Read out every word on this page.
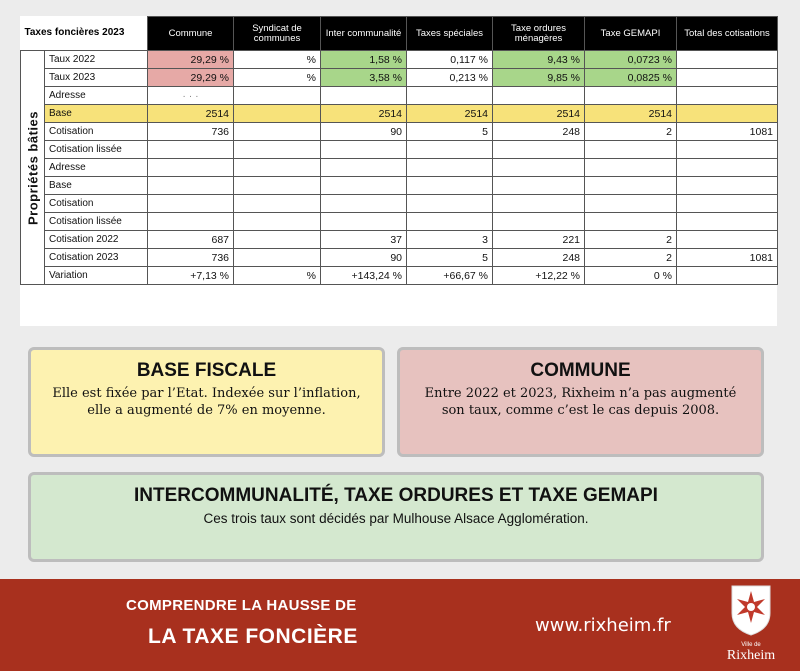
Taxes foncières 2023		Commune	Syndicat de communes	Inter communalité	Taxes spéciales	Taxe ordures ménagères	Taxe GEMAPI	Total des cotisations	

Propriétés bâties	Taux 2022	29,29 %	%	1,58 %	0,117 %	9,43 %	0,0723 %		
	Taux 2023	29,29 %	%	3,58 %	0,213 %	9,85 %	0,0825 %		
	Adresse	· · ·							
	Base	2514		2514	2514	2514	2514		
	Cotisation	736		90	5	248	2	1081	
	Cotisation lissée								
	Adresse								
	Base								
	Cotisation								
	Cotisation lissée								
	Cotisation 2022	687		37	3	221	2		
	Cotisation 2023	736		90	5	248	2	1081	
	Variation	+7,13 %	%	+143,24 %	+66,67 %	+12,22 %	0 %		
BASE FISCALE

Elle est fixée par l’Etat. Indexée sur l’inflation, elle a augmenté de 7% en moyenne.

COMMUNE

Entre 2022 et 2023, Rixheim n’a pas augmenté son taux, comme c’est le cas depuis 2008.

INTERCOMMUNALITÉ, TAXE ORDURES ET TAXE GEMAPI

Ces trois taux sont décidés par Mulhouse Alsace Agglomération.

COMPRENDRE LA HAUSSE DE
LA TAXE FONCIÈRE	www.rixheim.fr
Ville de
Rixheim
